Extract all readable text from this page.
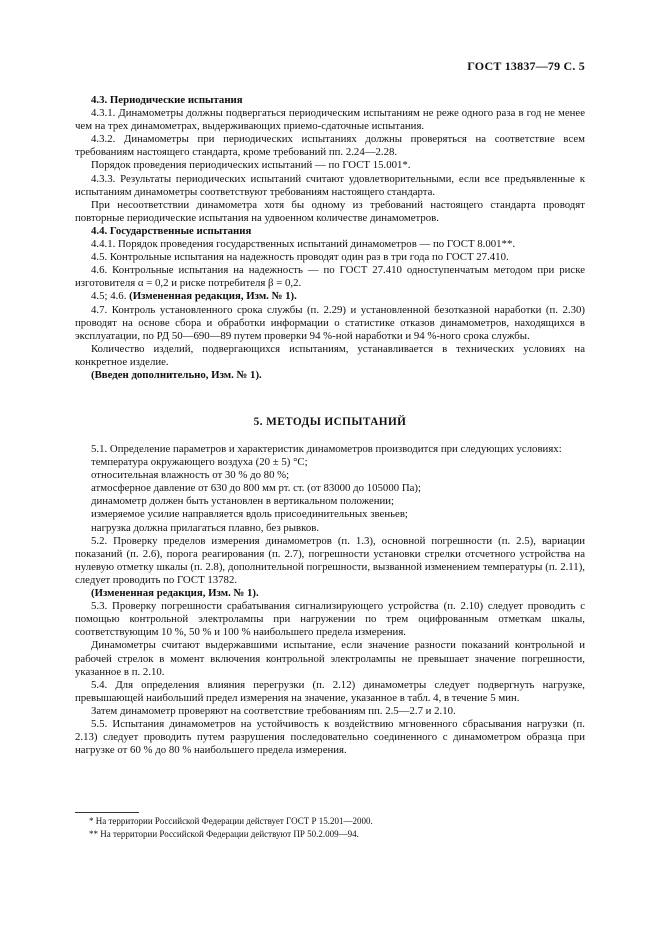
ГОСТ 13837—79 С. 5

4.3. Периодические испытания

4.3.1. Динамометры должны подвергаться периодическим испытаниям не реже одного раза в год не менее чем на трех динамометрах, выдерживающих приемо-сдаточные испытания.

4.3.2. Динамометры при периодических испытаниях должны проверяться на соответствие всем требованиям настоящего стандарта, кроме требований пп. 2.24—2.28.

Порядок проведения периодических испытаний — по ГОСТ 15.001*.

4.3.3. Результаты периодических испытаний считают удовлетворительными, если все предъявленные к испытаниям динамометры соответствуют требованиям настоящего стандарта.

При несоответствии динамометра хотя бы одному из требований настоящего стандарта проводят повторные периодические испытания на удвоенном количестве динамометров.

4.4. Государственные испытания

4.4.1. Порядок проведения государственных испытаний динамометров — по ГОСТ 8.001**.

4.5. Контрольные испытания на надежность проводят один раз в три года по ГОСТ 27.410.

4.6. Контрольные испытания на надежность — по ГОСТ 27.410 одноступенчатым методом при риске изготовителя α = 0,2 и риске потребителя β = 0,2.

4.5; 4.6. (Измененная редакция, Изм. № 1).

4.7. Контроль установленного срока службы (п. 2.29) и установленной безотказной наработки (п. 2.30) проводят на основе сбора и обработки информации о статистике отказов динамометров, находящихся в эксплуатации, по РД 50—690—89 путем проверки 94 %-ной наработки и 94 %-ного срока службы.

Количество изделий, подвергающихся испытаниям, устанавливается в технических условиях на конкретное изделие.

(Введен дополнительно, Изм. № 1).

5. МЕТОДЫ ИСПЫТАНИЙ

5.1. Определение параметров и характеристик динамометров производится при следующих условиях:

температура окружающего воздуха (20 ± 5) °С;

относительная влажность от 30 % до 80 %;

атмосферное давление от 630 до 800 мм рт. ст. (от 83000 до 105000 Па);

динамометр должен быть установлен в вертикальном положении;

измеряемое усилие направляется вдоль присоединительных звеньев;

нагрузка должна прилагаться плавно, без рывков.

5.2. Проверку пределов измерения динамометров (п. 1.3), основной погрешности (п. 2.5), вариации показаний (п. 2.6), порога реагирования (п. 2.7), погрешности установки стрелки отсчетного устройства на нулевую отметку шкалы (п. 2.8), дополнительной погрешности, вызванной изменением температуры (п. 2.11), следует проводить по ГОСТ 13782.

(Измененная редакция, Изм. № 1).

5.3. Проверку погрешности срабатывания сигнализирующего устройства (п. 2.10) следует проводить с помощью контрольной электролампы при нагружении по трем оцифрованным отметкам шкалы, соответствующим 10 %, 50 % и 100 % наибольшего предела измерения.

Динамометры считают выдержавшими испытание, если значение разности показаний контрольной и рабочей стрелок в момент включения контрольной электролампы не превышает значение погрешности, указанное в п. 2.10.

5.4. Для определения влияния перегрузки (п. 2.12) динамометры следует подвергнуть нагрузке, превышающей наибольший предел измерения на значение, указанное в табл. 4, в течение 5 мин.

Затем динамометр проверяют на соответствие требованиям пп. 2.5—2.7 и 2.10.

5.5. Испытания динамометров на устойчивость к воздействию мгновенного сбрасывания нагрузки (п. 2.13) следует проводить путем разрушения последовательно соединенного с динамометром образца при нагрузке от 60 % до 80 % наибольшего предела измерения.

* На территории Российской Федерации действует ГОСТ Р 15.201—2000.

** На территории Российской Федерации действуют ПР 50.2.009—94.
